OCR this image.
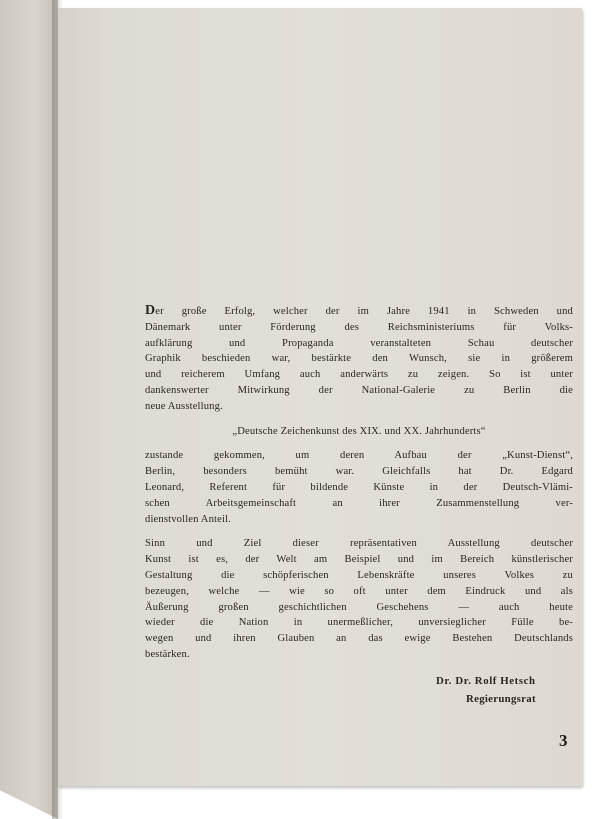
Der große Erfolg, welcher der im Jahre 1941 in Schweden und
Dänemark unter Förderung des Reichsministeriums für Volks-
aufklärung und Propaganda veranstalteten Schau deutscher
Graphik beschieden war, bestärkte den Wunsch, sie in größerem
und reicherem Umfang auch anderwärts zu zeigen. So ist unter
dankenswerter Mitwirkung der National-Galerie zu Berlin die
neue Ausstellung.
„Deutsche Zeichenkunst des XIX. und XX. Jahrhunderts“
zustande gekommen, um deren Aufbau der „Kunst-Dienst“,
Berlin, besonders bemüht war. Gleichfalls hat Dr. Edgard
Leonard, Referent für bildende Künste in der Deutsch-Vlämi-
schen Arbeitsgemeinschaft an ihrer Zusammenstellung ver-
dienstvollen Anteil.
Sinn und Ziel dieser repräsentativen Ausstellung deutscher
Kunst ist es, der Welt am Beispiel und im Bereich künstlerischer
Gestaltung die schöpferischen Lebenskräfte unseres Volkes zu
bezeugen, welche — wie so oft unter dem Eindruck und als
Äußerung großen geschichtlichen Geschehens — auch heute
wieder die Nation in unermeßlicher, unversieglicher Fülle be-
wegen und ihren Glauben an das ewige Bestehen Deutschlands
bestärken.
Dr. Dr. Rolf Hetsch
Regierungsrat
3
